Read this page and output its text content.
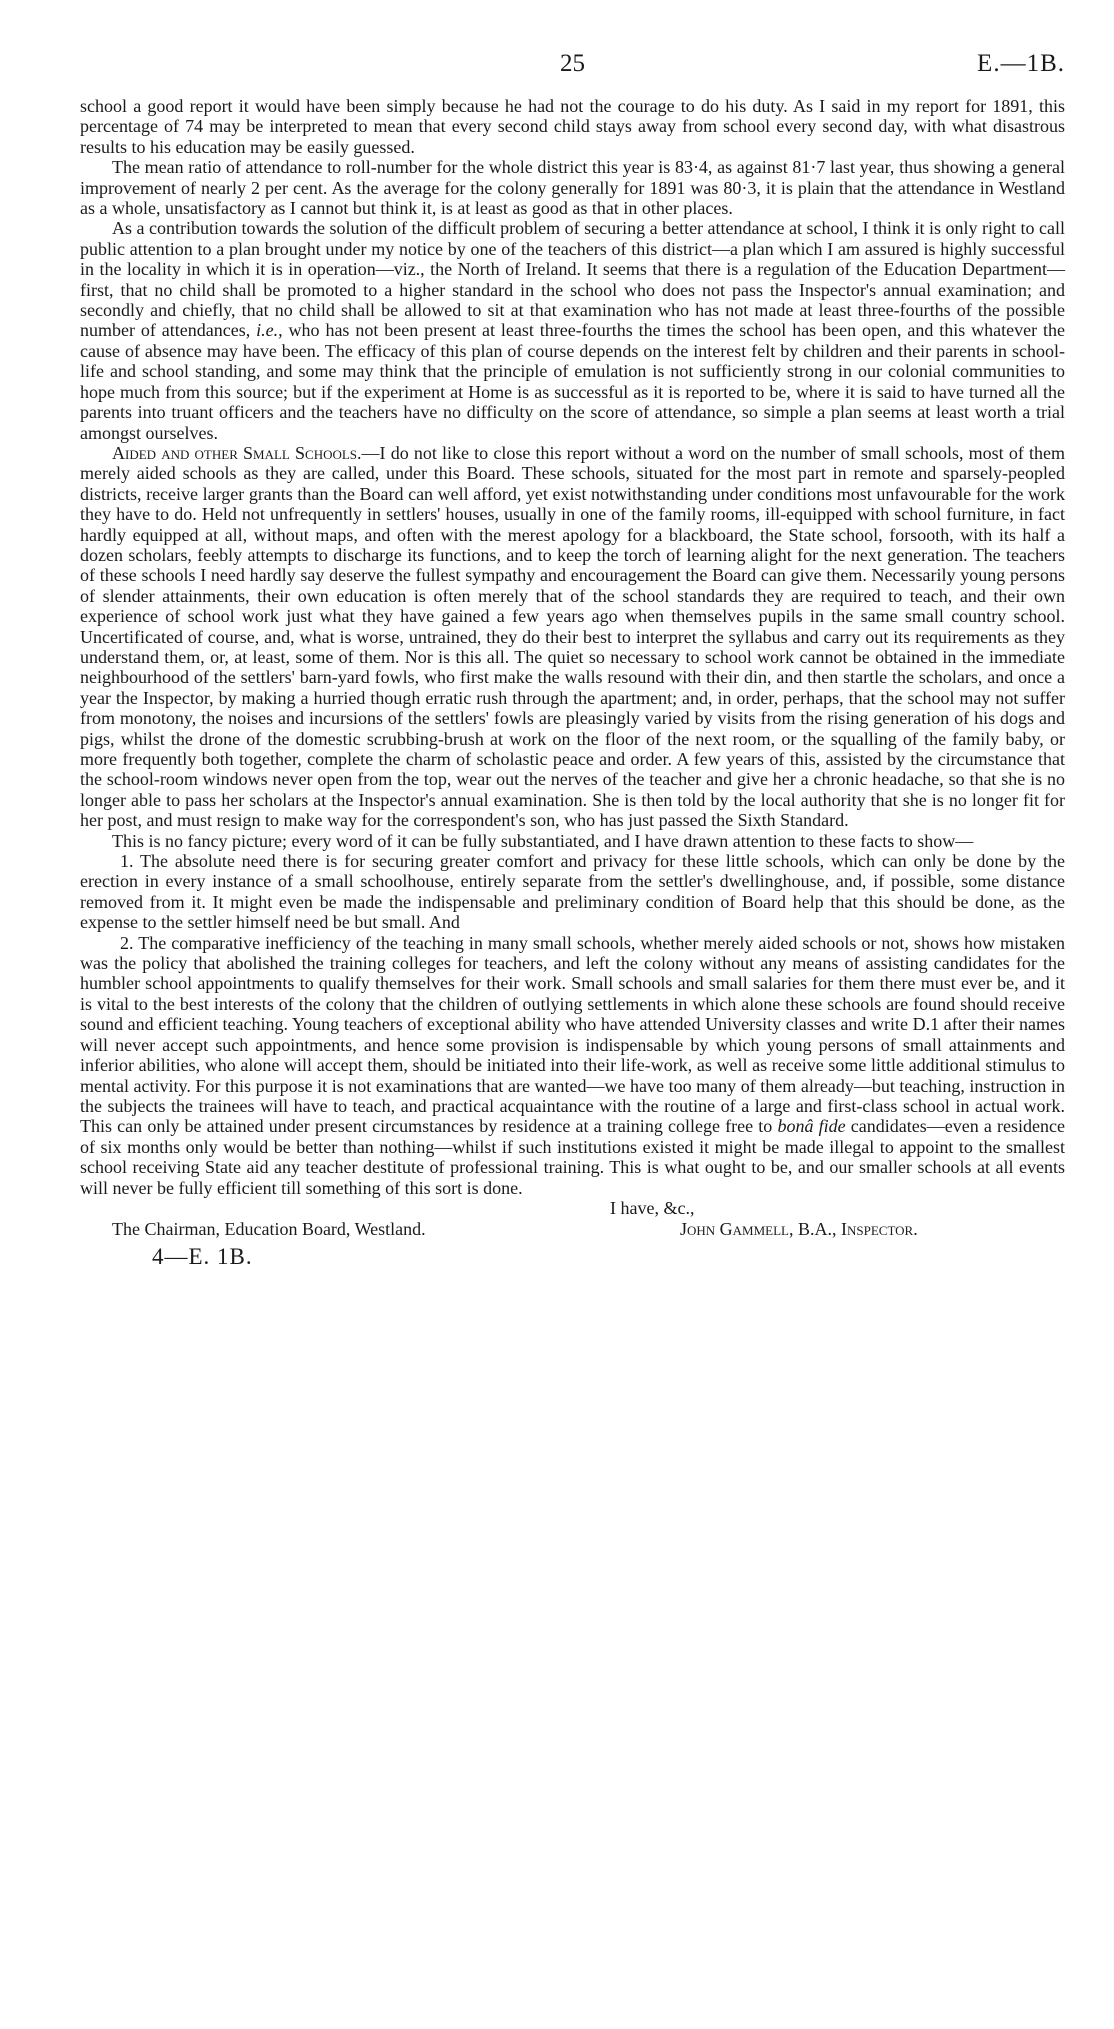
25	E.—1B.

school a good report it would have been simply because he had not the courage to do his duty. As I said in my report for 1891, this percentage of 74 may be interpreted to mean that every second child stays away from school every second day, with what disastrous results to his education may be easily guessed.

The mean ratio of attendance to roll-number for the whole district this year is 83·4, as against 81·7 last year, thus showing a general improvement of nearly 2 per cent. As the average for the colony generally for 1891 was 80·3, it is plain that the attendance in Westland as a whole, unsatisfactory as I cannot but think it, is at least as good as that in other places.

As a contribution towards the solution of the difficult problem of securing a better attendance at school, I think it is only right to call public attention to a plan brought under my notice by one of the teachers of this district—a plan which I am assured is highly successful in the locality in which it is in operation—viz., the North of Ireland. It seems that there is a regulation of the Education Department—first, that no child shall be promoted to a higher standard in the school who does not pass the Inspector's annual examination; and secondly and chiefly, that no child shall be allowed to sit at that examination who has not made at least three-fourths of the possible number of attendances, i.e., who has not been present at least three-fourths the times the school has been open, and this whatever the cause of absence may have been. The efficacy of this plan of course depends on the interest felt by children and their parents in school-life and school standing, and some may think that the principle of emulation is not sufficiently strong in our colonial communities to hope much from this source; but if the experiment at Home is as successful as it is reported to be, where it is said to have turned all the parents into truant officers and the teachers have no difficulty on the score of attendance, so simple a plan seems at least worth a trial amongst ourselves.

Aided and other Small Schools.—I do not like to close this report without a word on the number of small schools, most of them merely aided schools as they are called, under this Board. These schools, situated for the most part in remote and sparsely-peopled districts, receive larger grants than the Board can well afford, yet exist notwithstanding under conditions most unfavourable for the work they have to do. Held not unfrequently in settlers' houses, usually in one of the family rooms, ill-equipped with school furniture, in fact hardly equipped at all, without maps, and often with the merest apology for a blackboard, the State school, forsooth, with its half a dozen scholars, feebly attempts to discharge its functions, and to keep the torch of learning alight for the next generation. The teachers of these schools I need hardly say deserve the fullest sympathy and encouragement the Board can give them. Necessarily young persons of slender attainments, their own education is often merely that of the school standards they are required to teach, and their own experience of school work just what they have gained a few years ago when themselves pupils in the same small country school. Uncertificated of course, and, what is worse, untrained, they do their best to interpret the syllabus and carry out its requirements as they understand them, or, at least, some of them. Nor is this all. The quiet so necessary to school work cannot be obtained in the immediate neighbourhood of the settlers' barn-yard fowls, who first make the walls resound with their din, and then startle the scholars, and once a year the Inspector, by making a hurried though erratic rush through the apartment; and, in order, perhaps, that the school may not suffer from monotony, the noises and incursions of the settlers' fowls are pleasingly varied by visits from the rising generation of his dogs and pigs, whilst the drone of the domestic scrubbing-brush at work on the floor of the next room, or the squalling of the family baby, or more frequently both together, complete the charm of scholastic peace and order. A few years of this, assisted by the circumstance that the school-room windows never open from the top, wear out the nerves of the teacher and give her a chronic headache, so that she is no longer able to pass her scholars at the Inspector's annual examination. She is then told by the local authority that she is no longer fit for her post, and must resign to make way for the correspondent's son, who has just passed the Sixth Standard.

This is no fancy picture; every word of it can be fully substantiated, and I have drawn attention to these facts to show—

1. The absolute need there is for securing greater comfort and privacy for these little schools, which can only be done by the erection in every instance of a small schoolhouse, entirely separate from the settler's dwellinghouse, and, if possible, some distance removed from it. It might even be made the indispensable and preliminary condition of Board help that this should be done, as the expense to the settler himself need be but small. And

2. The comparative inefficiency of the teaching in many small schools, whether merely aided schools or not, shows how mistaken was the policy that abolished the training colleges for teachers, and left the colony without any means of assisting candidates for the humbler school appointments to qualify themselves for their work. Small schools and small salaries for them there must ever be, and it is vital to the best interests of the colony that the children of outlying settlements in which alone these schools are found should receive sound and efficient teaching. Young teachers of exceptional ability who have attended University classes and write D.1 after their names will never accept such appointments, and hence some provision is indispensable by which young persons of small attainments and inferior abilities, who alone will accept them, should be initiated into their life-work, as well as receive some little additional stimulus to mental activity. For this purpose it is not examinations that are wanted—we have too many of them already—but teaching, instruction in the subjects the trainees will have to teach, and practical acquaintance with the routine of a large and first-class school in actual work. This can only be attained under present circumstances by residence at a training college free to bonâ fide candidates—even a residence of six months only would be better than nothing—whilst if such institutions existed it might be made illegal to appoint to the smallest school receiving State aid any teacher destitute of professional training. This is what ought to be, and our smaller schools at all events will never be fully efficient till something of this sort is done.

I have, &c.,
The Chairman, Education Board, Westland.	John Gammell, B.A., Inspector.
4—E. 1B.
